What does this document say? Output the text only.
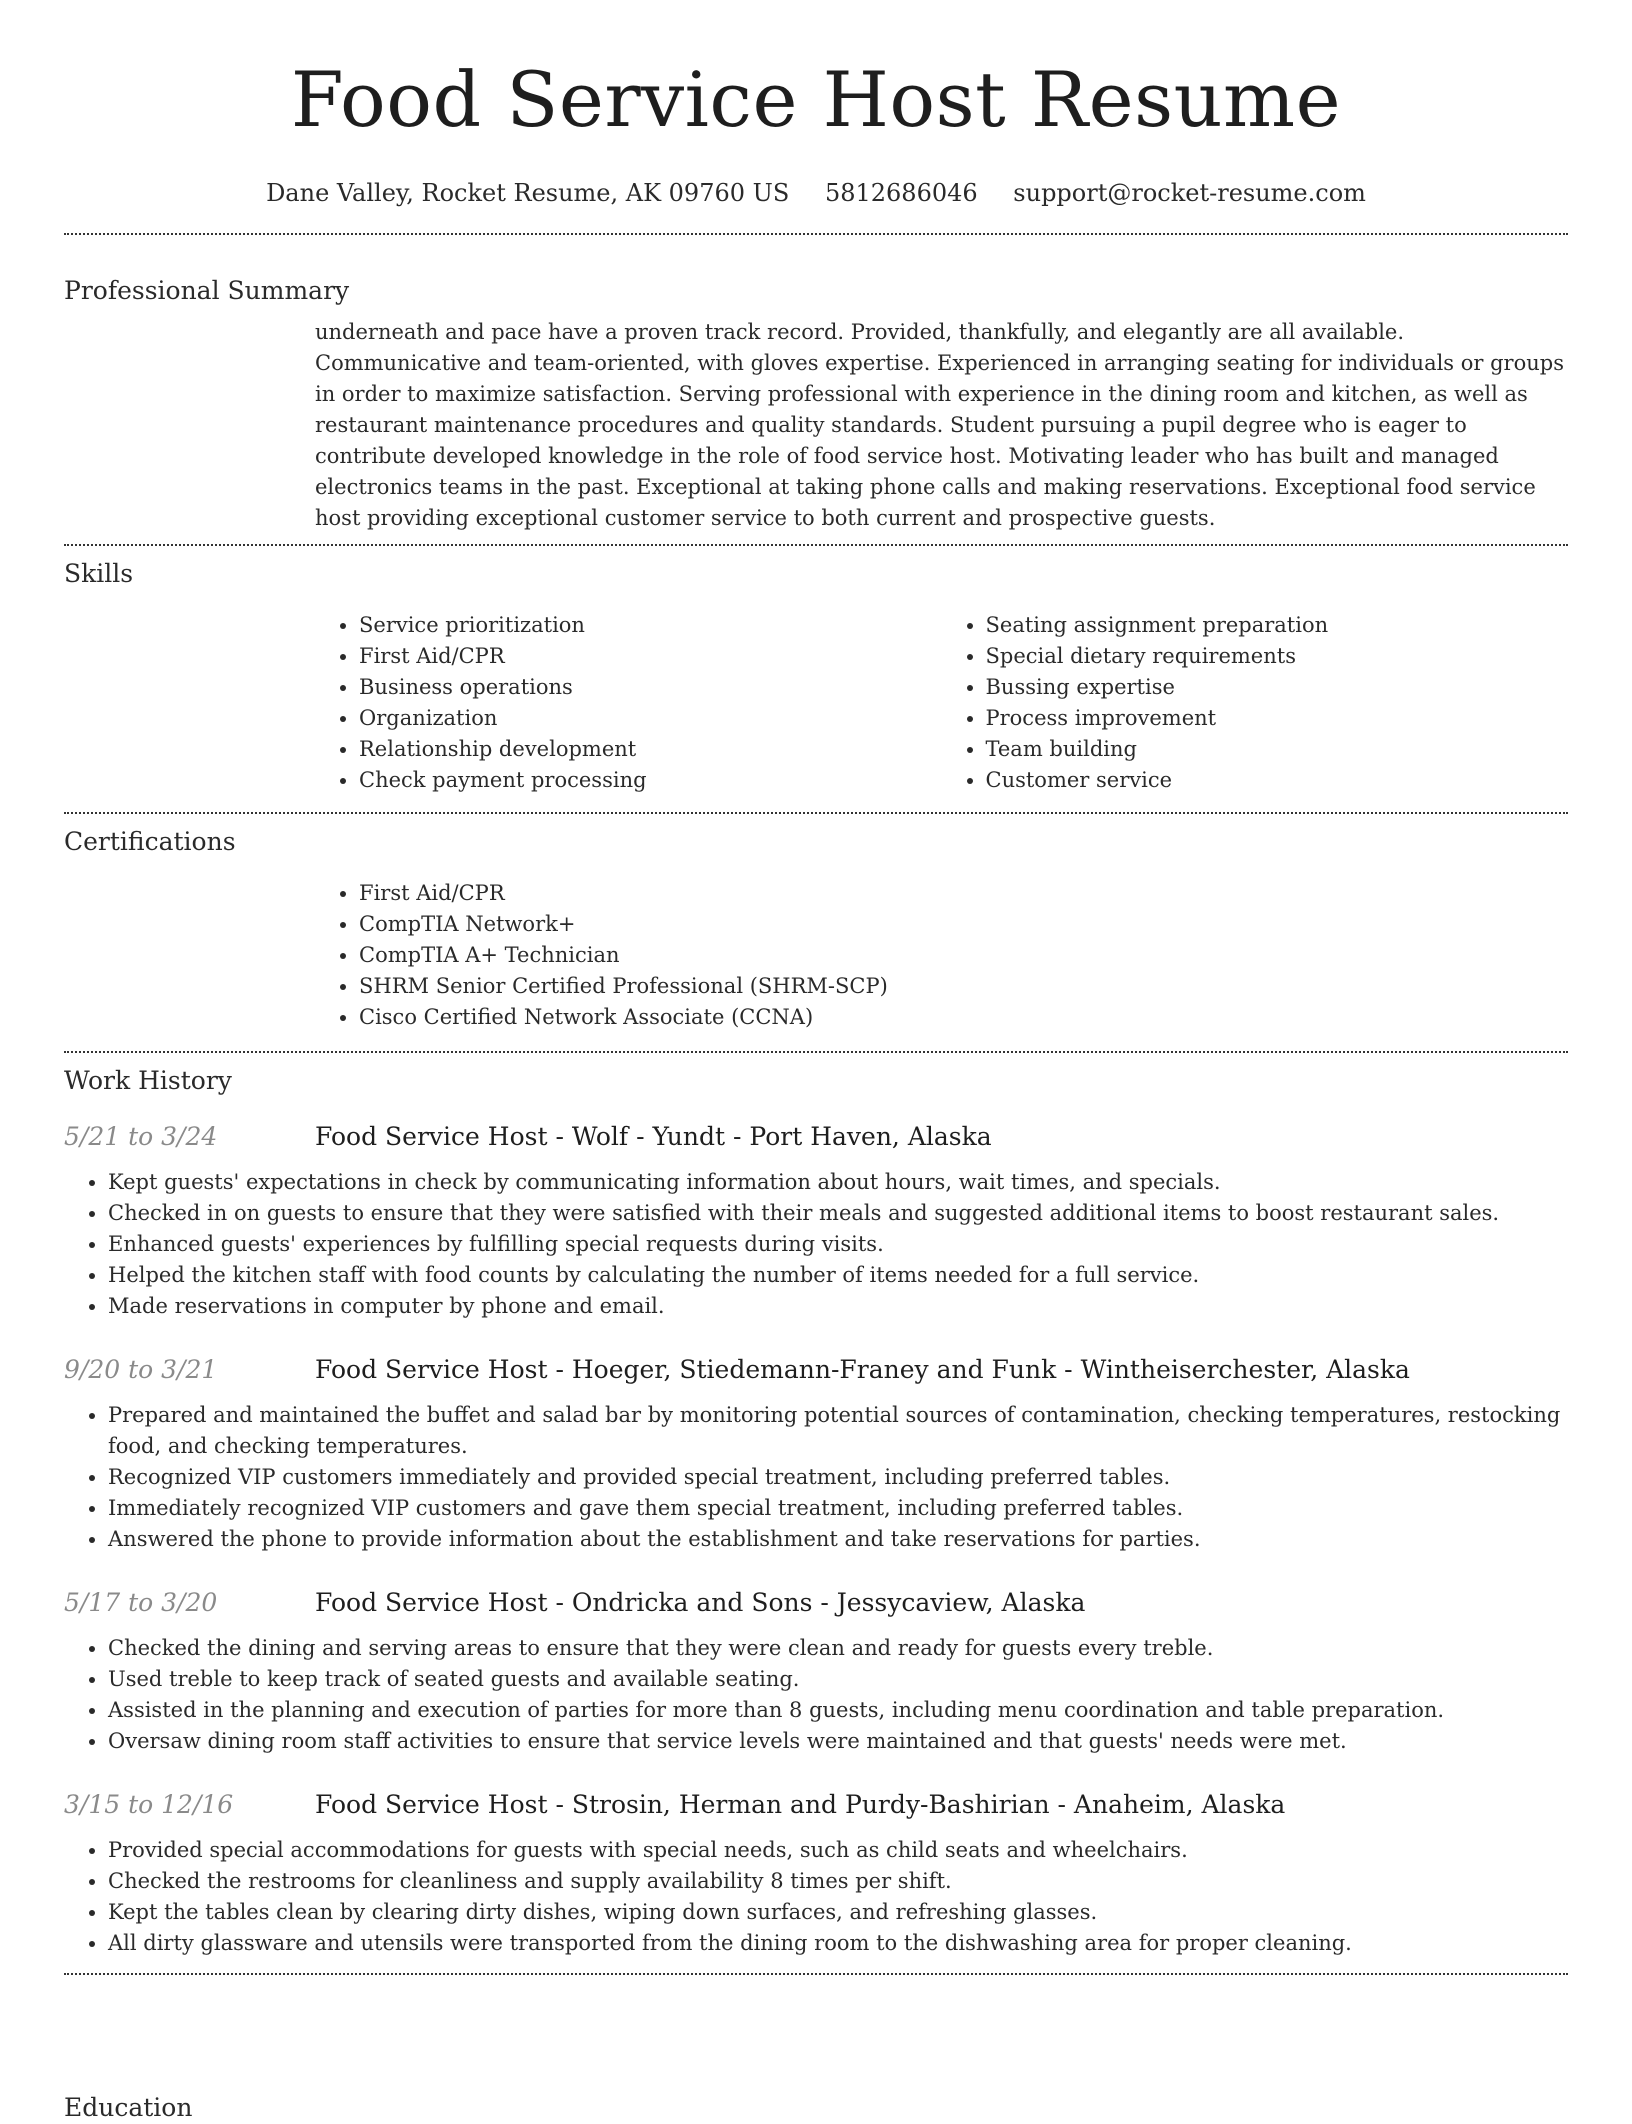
Food Service Host Resume
Dane Valley, Rocket Resume, AK 09760 US 5812686046 support@rocket-resume.com
Professional Summary

underneath and pace have a proven track record. Provided, thankfully, and elegantly are all available. Communicative and team-oriented, with gloves expertise. Experienced in arranging seating for individuals or groups in order to maximize satisfaction. Serving professional with experience in the dining room and kitchen, as well as restaurant maintenance procedures and quality standards. Student pursuing a pupil degree who is eager to contribute developed knowledge in the role of food service host. Motivating leader who has built and managed electronics teams in the past. Exceptional at taking phone calls and making reservations. Exceptional food service host providing exceptional customer service to both current and prospective guests.

Skills
• Service prioritization
• First Aid/CPR
• Business operations
• Organization
• Relationship development
• Check payment processing
• Seating assignment preparation
• Special dietary requirements
• Bussing expertise
• Process improvement
• Team building
• Customer service
Certifications
• First Aid/CPR
• CompTIA Network+
• CompTIA A+ Technician
• SHRM Senior Certified Professional (SHRM-SCP)
• Cisco Certified Network Associate (CCNA)
Work History
5/21 to 3/24	Food Service Host - Wolf - Yundt - Port Haven, Alaska
• Kept guests' expectations in check by communicating information about hours, wait times, and specials.
• Checked in on guests to ensure that they were satisfied with their meals and suggested additional items to boost restaurant sales.
• Enhanced guests' experiences by fulfilling special requests during visits.
• Helped the kitchen staff with food counts by calculating the number of items needed for a full service.
• Made reservations in computer by phone and email.
9/20 to 3/21	Food Service Host - Hoeger, Stiedemann-Franey and Funk - Wintheiserchester, Alaska
• Prepared and maintained the buffet and salad bar by monitoring potential sources of contamination, checking temperatures, restocking food, and checking temperatures.
• Recognized VIP customers immediately and provided special treatment, including preferred tables.
• Immediately recognized VIP customers and gave them special treatment, including preferred tables.
• Answered the phone to provide information about the establishment and take reservations for parties.
5/17 to 3/20	Food Service Host - Ondricka and Sons - Jessycaview, Alaska
• Checked the dining and serving areas to ensure that they were clean and ready for guests every treble.
• Used treble to keep track of seated guests and available seating.
• Assisted in the planning and execution of parties for more than 8 guests, including menu coordination and table preparation.
• Oversaw dining room staff activities to ensure that service levels were maintained and that guests' needs were met.
3/15 to 12/16	Food Service Host - Strosin, Herman and Purdy-Bashirian - Anaheim, Alaska
• Provided special accommodations for guests with special needs, such as child seats and wheelchairs.
• Checked the restrooms for cleanliness and supply availability 8 times per shift.
• Kept the tables clean by clearing dirty dishes, wiping down surfaces, and refreshing glasses.
• All dirty glassware and utensils were transported from the dining room to the dishwashing area for proper cleaning.
Education
